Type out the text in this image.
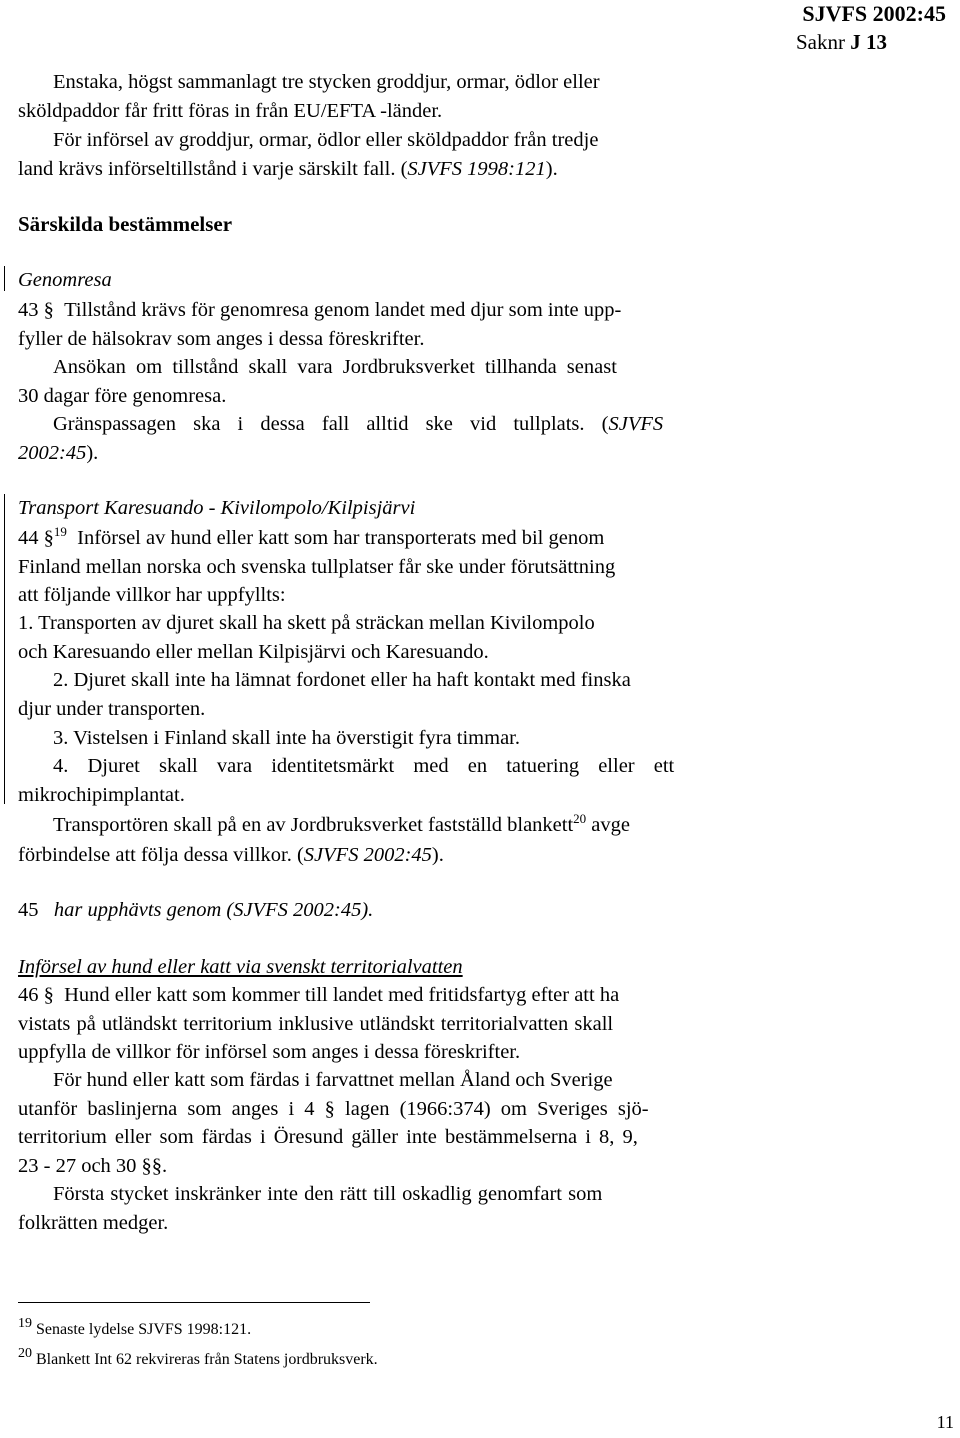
SJVFS 2002:45
Saknr J 13
Enstaka, högst sammanlagt tre stycken groddjur, ormar, ödlor eller
sköldpaddor får fritt föras in från EU/EFTA -länder.
För införsel av groddjur, ormar, ödlor eller sköldpaddor från tredje
land krävs införseltillstånd i varje särskilt fall. (SJVFS 1998:121).
Särskilda bestämmelser
Genomresa
43 § Tillstånd krävs för genomresa genom landet med djur som inte upp-
fyller de hälsokrav som anges i dessa föreskrifter.
Ansökan om tillstånd skall vara Jordbruksverket tillhanda senast
30 dagar före genomresa.
Gränspassagen ska i dessa fall alltid ske vid tullplats. (SJVFS
2002:45).
Transport Karesuando - Kivilompolo/Kilpisjärvi
44 §$^{19}$ Införsel av hund eller katt som har transporterats med bil genom
Finland mellan norska och svenska tullplatser får ske under förutsättning
att följande villkor har uppfyllts:
1. Transporten av djuret skall ha skett på sträckan mellan Kivilompolo
och Karesuando eller mellan Kilpisjärvi och Karesuando.
2. Djuret skall inte ha lämnat fordonet eller ha haft kontakt med finska
djur under transporten.
3. Vistelsen i Finland skall inte ha överstigit fyra timmar.
4. Djuret skall vara identitetsmärkt med en tatuering eller ett
mikrochipimplantat.
Transportören skall på en av Jordbruksverket fastställd blankett$^{20}$ avge
förbindelse att följa dessa villkor. (SJVFS 2002:45).
45 har upphävts genom (SJVFS 2002:45).
Införsel av hund eller katt via svenskt territorialvatten
46 § Hund eller katt som kommer till landet med fritidsfartyg efter att ha
vistats på utländskt territorium inklusive utländskt territorialvatten skall
uppfylla de villkor för införsel som anges i dessa föreskrifter.
För hund eller katt som färdas i farvattnet mellan Åland och Sverige
utanför baslinjerna som anges i 4 § lagen (1966:374) om Sveriges sjö-
territorium eller som färdas i Öresund gäller inte bestämmelserna i 8, 9,
23 - 27 och 30 §§.
Första stycket inskränker inte den rätt till oskadlig genomfart som
folkrätten medger.
$^{19}$ Senaste lydelse SJVFS 1998:121.
$^{20}$ Blankett Int 62 rekvireras från Statens jordbruksverk.
11
